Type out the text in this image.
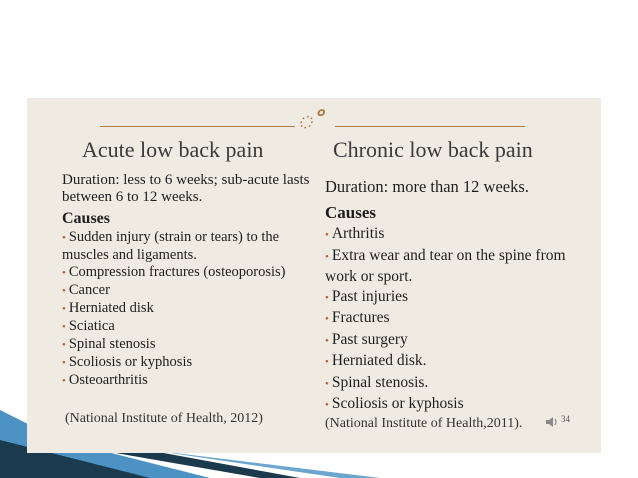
ೳ
Acute low back pain	Chronic low back pain

Duration: less to 6 weeks; sub-acute lasts between 6 to 12 weeks.

Causes

• Sudden injury (strain or tears) to the muscles and ligaments.

• Compression fractures (osteoporosis)

• Cancer

• Herniated disk

• Sciatica

• Spinal stenosis

• Scoliosis or kyphosis

• Osteoarthritis

Duration: more than 12 weeks.

Causes

• Arthritis

• Extra wear and tear on the spine from work or sport.

• Past injuries

• Fractures

• Past surgery

• Herniated disk.

• Spinal stenosis.

• Scoliosis or kyphosis

(National Institute of Health, 2012)	(National Institute of Health,2011).	34
